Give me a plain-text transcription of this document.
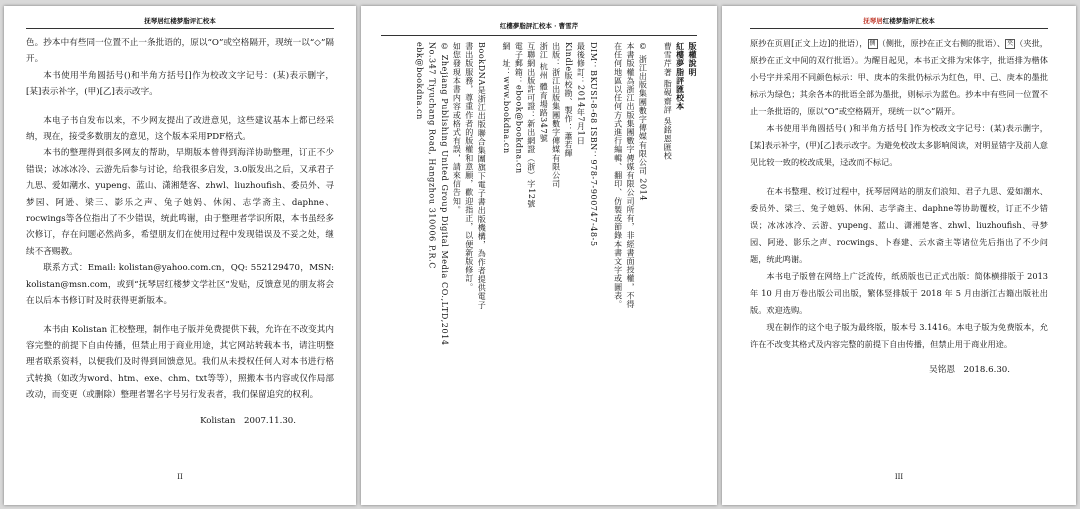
抚琴居红楼梦脂评汇校本

色。抄本中有些同一位置不止一条批语的，原以“O”或空格隔开，现统一以“◇”隔开。

本书使用半角圆括号()和半角方括号[]作为校改文字记号：(某)表示删字，[某]表示补字，(甲)[乙]表示改字。

本电子书自发布以来，不少网友提出了改进意见，这些建议基本上都已经采纳，现在，接受多数朋友的意见，这个版本采用PDF格式。

本书的整理得到很多网友的帮助，早期版本曾得到海洋协助整理，订正不少错误；冰冰冰冷、云游先后参与讨论，给我很多启发，3.0版发出之后，又承君子九思、爱如潮水、yupeng、蓝山、潇湘楚客、zhwl、liuzhoufish、委员外、寻梦园、阿逊、梁三、影乐之声、兔子她妈、休闲、志学斋主、daphne、rocwings等各位指出了不少错误，统此鸣谢，由于整理者学识所限，本书虽经多次修订，存在问题必然尚多，希望朋友们在使用过程中发现错误及不妥之处，继续不吝赐教。

联系方式：Email: kolistan@yahoo.com.cn，QQ: 552129470，MSN: kolistan@msn.com，或到“抚琴居红楼梦文学社区”发贴，反馈意见的朋友将会在以后本书修订时及时获得更新版本。

本书由 Kolistan 汇校整理，制作电子版并免费提供下载，允许在不改变其内容完整的前提下自由传播，但禁止用于商业用途，其它网站转载本书，请注明整理者联系资料，以便我们及时得到回馈意见。我们从未授权任何人对本书进行格式转换（如改为word、htm、exe、chm、txt等等），照搬本书内容或仅作局部改动，而变更（或删除）整理者署名字号另行发表者，我们保留追究的权利。

Kolistan　2007.11.30.

II
红樓夢脂評汇校本 · 曹雪芹
版權說明
紅樓夢脂評匯校本
曹雪芹著 脂硯齋評 吳銘恩匯校
© 浙江出版集團數字傳媒有限公司 2014
本書版權為浙江出版集團數字傳媒有限公司所有，非經書面授權，不得
在任何地區以任何方式進行編輯、翻印、仿製或節錄本書文字或圖表。
DIM：BKUSI-8-68 ISBN：978-7-900747-48-5
最後修訂：2014年7月1日
Kindle版校勘、製作：蕭若輝
出版：浙江出版集團數字傳媒有限公司
浙江 杭州 體育場路347號
互聯網出版許可證：新出網證（浙）字12號
電子郵箱：ebook@bookdna.cn
網　址：www.bookdna.cn
BookDNA是浙江出版聯合集團旗下電子書出版機構，為作者提供電子
書出版服務，尊重作者的版權和意願，歡迎指正，以便新版修訂。
如您發現本書内容或格式有誤，請來信告知。
© Zhejiang Publishing United Group Digital Media CO.,LTD,2014
No.347 Tiyuchang Road, Hangzhou 310006 P.R.C
ebk@bookdna.cn
抚琴居红楼梦脂评汇校本

原抄在页眉[正文上边]的批语）， 侧 （侧批，原抄在正文右侧的批语）、 夹 （夹批，原抄在正文中间的双行批语）。为醒目起见，本书正文排为宋体字，批语排为楷体小号字并采用不同颜色标示：甲、庚本的朱批仍标示为红色，甲、己、庚本的墨批标示为绿色；其余各本的批语全部为墨批，则标示为蓝色。抄本中有些同一位置不止一条批语的，原以“O”或空格隔开，现统一以“◇”隔开。

本书使用半角圆括号( )和半角方括号[ ]作为校改文字记号：(某)表示删字，[某]表示补字，(甲)[乙]表示改字。为避免校改太多影响阅读，对明显错字及前人意见比较一致的校改成果，迳改而不标记。

在本书整理、校订过程中，抚琴居网站的朋友们浪知、君子九思、爱如潮水、委员外、梁三、兔子她妈、休闲、志学斋主、daphne等协助覆校，订正不少错误；冰冰冰冷、云游、yupeng、蓝山、潇湘楚客、zhwl、liuzhoufish、寻梦园、阿逊、影乐之声、rocwings、卜春建、云水斋主等诸位先后指出了不少问题，统此鸣谢。

本书电子版曾在网络上广泛流传，纸质版也已正式出版：简体横排版于 2013 年 10 月由万卷出版公司出版，繁体竖排版于 2018 年 5 月由浙江古籍出版社出版。欢迎选购。

现在制作的这个电子版为最终版，版本号 3.1416。本电子版为免费版本，允许在不改变其格式及内容完整的前提下自由传播，但禁止用于商业用途。

吴铭恩　2018.6.30.

III
